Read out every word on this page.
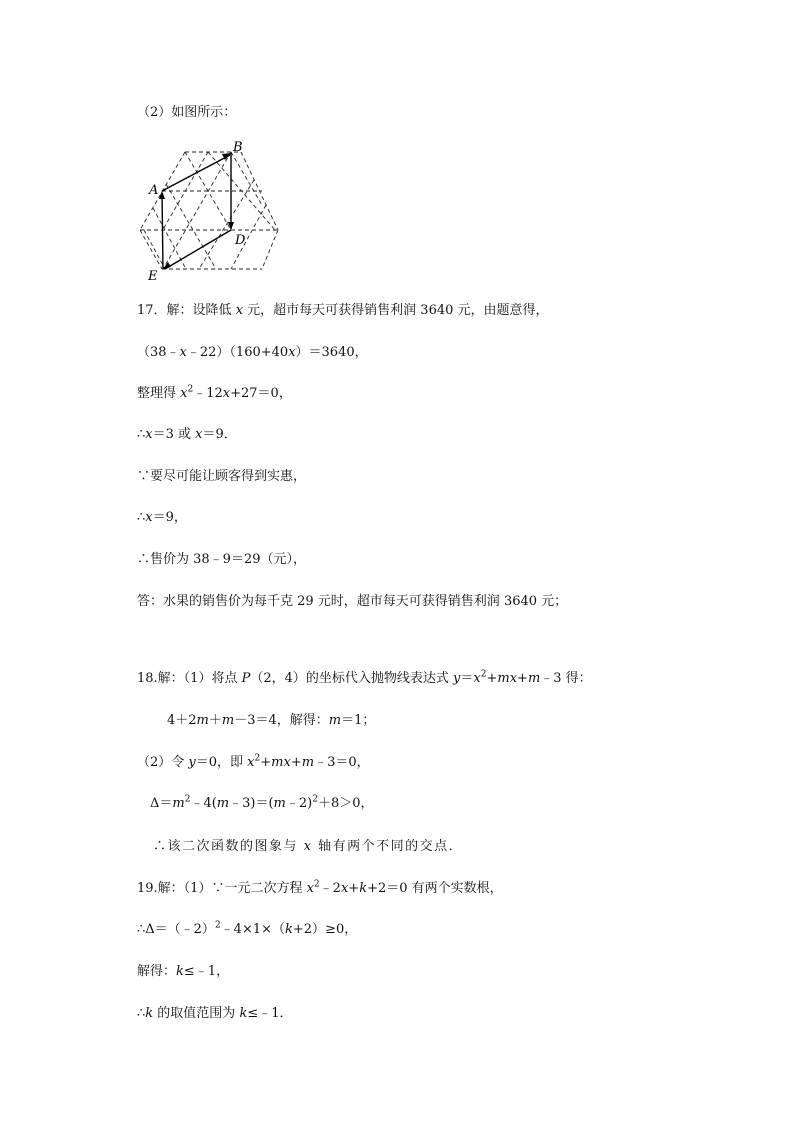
（2）如图所示：
B
A
D
E
17．解：设降低 x 元，超市每天可获得销售利润 3640 元，由题意得，
（38﹣x﹣22）（160+40x）＝3640，
整理得 $x^2﹣12x+27=0$，
∴x＝3 或 x＝9．
∵要尽可能让顾客得到实惠，
∴x＝9，
∴售价为 38﹣9＝29（元），
答：水果的销售价为每千克 29 元时，超市每天可获得销售利润 3640 元；
18.解：（1）将点 P（2，4）的坐标代入抛物线表达式 $y=x^2+mx+m﹣3$ 得：
4＋2m＋m－3＝4，解得：m＝1；
（2）令 y＝0，即 $x^2+mx+m﹣3=0$，
$\Delta=m^2﹣4(m﹣3)=(m﹣2)^2+8>0$，
∴该二次函数的图象与 x 轴有两个不同的交点．
19.解：（1）∵一元二次方程 $x^2﹣2x+k+2=0$ 有两个实数根，
∴Δ＝（﹣2）$^2$﹣4×1×（k+2）≥0，
解得：k≤﹣1，
∴k 的取值范围为 k≤﹣1．
